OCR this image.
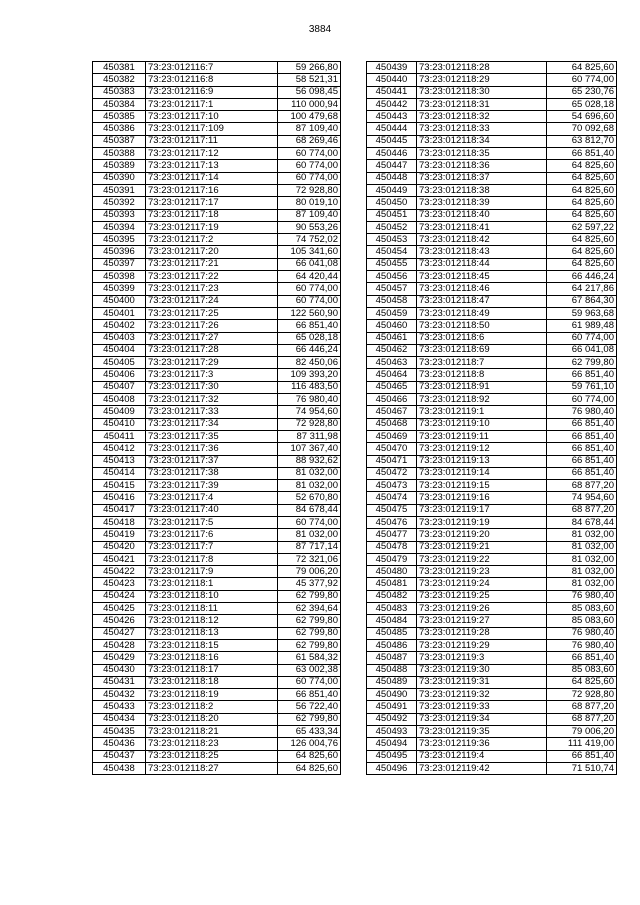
3884
450381	73:23:012116:7	59 266,80
450382	73:23:012116:8	58 521,31
450383	73:23:012116:9	56 098,45
450384	73:23:012117:1	110 000,94
450385	73:23:012117:10	100 479,68
450386	73:23:012117:109	87 109,40
450387	73:23:012117:11	68 269,46
450388	73:23:012117:12	60 774,00
450389	73:23:012117:13	60 774,00
450390	73:23:012117:14	60 774,00
450391	73:23:012117:16	72 928,80
450392	73:23:012117:17	80 019,10
450393	73:23:012117:18	87 109,40
450394	73:23:012117:19	90 553,26
450395	73:23:012117:2	74 752,02
450396	73:23:012117:20	105 341,60
450397	73:23:012117:21	66 041,08
450398	73:23:012117:22	64 420,44
450399	73:23:012117:23	60 774,00
450400	73:23:012117:24	60 774,00
450401	73:23:012117:25	122 560,90
450402	73:23:012117:26	66 851,40
450403	73:23:012117:27	65 028,18
450404	73:23:012117:28	66 446,24
450405	73:23:012117:29	82 450,06
450406	73:23:012117:3	109 393,20
450407	73:23:012117:30	116 483,50
450408	73:23:012117:32	76 980,40
450409	73:23:012117:33	74 954,60
450410	73:23:012117:34	72 928,80
450411	73:23:012117:35	87 311,98
450412	73:23:012117:36	107 367,40
450413	73:23:012117:37	88 932,62
450414	73:23:012117:38	81 032,00
450415	73:23:012117:39	81 032,00
450416	73:23:012117:4	52 670,80
450417	73:23:012117:40	84 678,44
450418	73:23:012117:5	60 774,00
450419	73:23:012117:6	81 032,00
450420	73:23:012117:7	87 717,14
450421	73:23:012117:8	72 321,06
450422	73:23:012117:9	79 006,20
450423	73:23:012118:1	45 377,92
450424	73:23:012118:10	62 799,80
450425	73:23:012118:11	62 394,64
450426	73:23:012118:12	62 799,80
450427	73:23:012118:13	62 799,80
450428	73:23:012118:15	62 799,80
450429	73:23:012118:16	61 584,32
450430	73:23:012118:17	63 002,38
450431	73:23:012118:18	60 774,00
450432	73:23:012118:19	66 851,40
450433	73:23:012118:2	56 722,40
450434	73:23:012118:20	62 799,80
450435	73:23:012118:21	65 433,34
450436	73:23:012118:23	126 004,76
450437	73:23:012118:25	64 825,60
450438	73:23:012118:27	64 825,60
450439	73:23:012118:28	64 825,60
450440	73:23:012118:29	60 774,00
450441	73:23:012118:30	65 230,76
450442	73:23:012118:31	65 028,18
450443	73:23:012118:32	54 696,60
450444	73:23:012118:33	70 092,68
450445	73:23:012118:34	63 812,70
450446	73:23:012118:35	66 851,40
450447	73:23:012118:36	64 825,60
450448	73:23:012118:37	64 825,60
450449	73:23:012118:38	64 825,60
450450	73:23:012118:39	64 825,60
450451	73:23:012118:40	64 825,60
450452	73:23:012118:41	62 597,22
450453	73:23:012118:42	64 825,60
450454	73:23:012118:43	64 825,60
450455	73:23:012118:44	64 825,60
450456	73:23:012118:45	66 446,24
450457	73:23:012118:46	64 217,86
450458	73:23:012118:47	67 864,30
450459	73:23:012118:49	59 963,68
450460	73:23:012118:50	61 989,48
450461	73:23:012118:6	60 774,00
450462	73:23:012118:69	66 041,08
450463	73:23:012118:7	62 799,80
450464	73:23:012118:8	66 851,40
450465	73:23:012118:91	59 761,10
450466	73:23:012118:92	60 774,00
450467	73:23:012119:1	76 980,40
450468	73:23:012119:10	66 851,40
450469	73:23:012119:11	66 851,40
450470	73:23:012119:12	66 851,40
450471	73:23:012119:13	66 851,40
450472	73:23:012119:14	66 851,40
450473	73:23:012119:15	68 877,20
450474	73:23:012119:16	74 954,60
450475	73:23:012119:17	68 877,20
450476	73:23:012119:19	84 678,44
450477	73:23:012119:20	81 032,00
450478	73:23:012119:21	81 032,00
450479	73:23:012119:22	81 032,00
450480	73:23:012119:23	81 032,00
450481	73:23:012119:24	81 032,00
450482	73:23:012119:25	76 980,40
450483	73:23:012119:26	85 083,60
450484	73:23:012119:27	85 083,60
450485	73:23:012119:28	76 980,40
450486	73:23:012119:29	76 980,40
450487	73:23:012119:3	66 851,40
450488	73:23:012119:30	85 083,60
450489	73:23:012119:31	64 825,60
450490	73:23:012119:32	72 928,80
450491	73:23:012119:33	68 877,20
450492	73:23:012119:34	68 877,20
450493	73:23:012119:35	79 006,20
450494	73:23:012119:36	111 419,00
450495	73:23:012119:4	66 851,40
450496	73:23:012119:42	71 510,74
